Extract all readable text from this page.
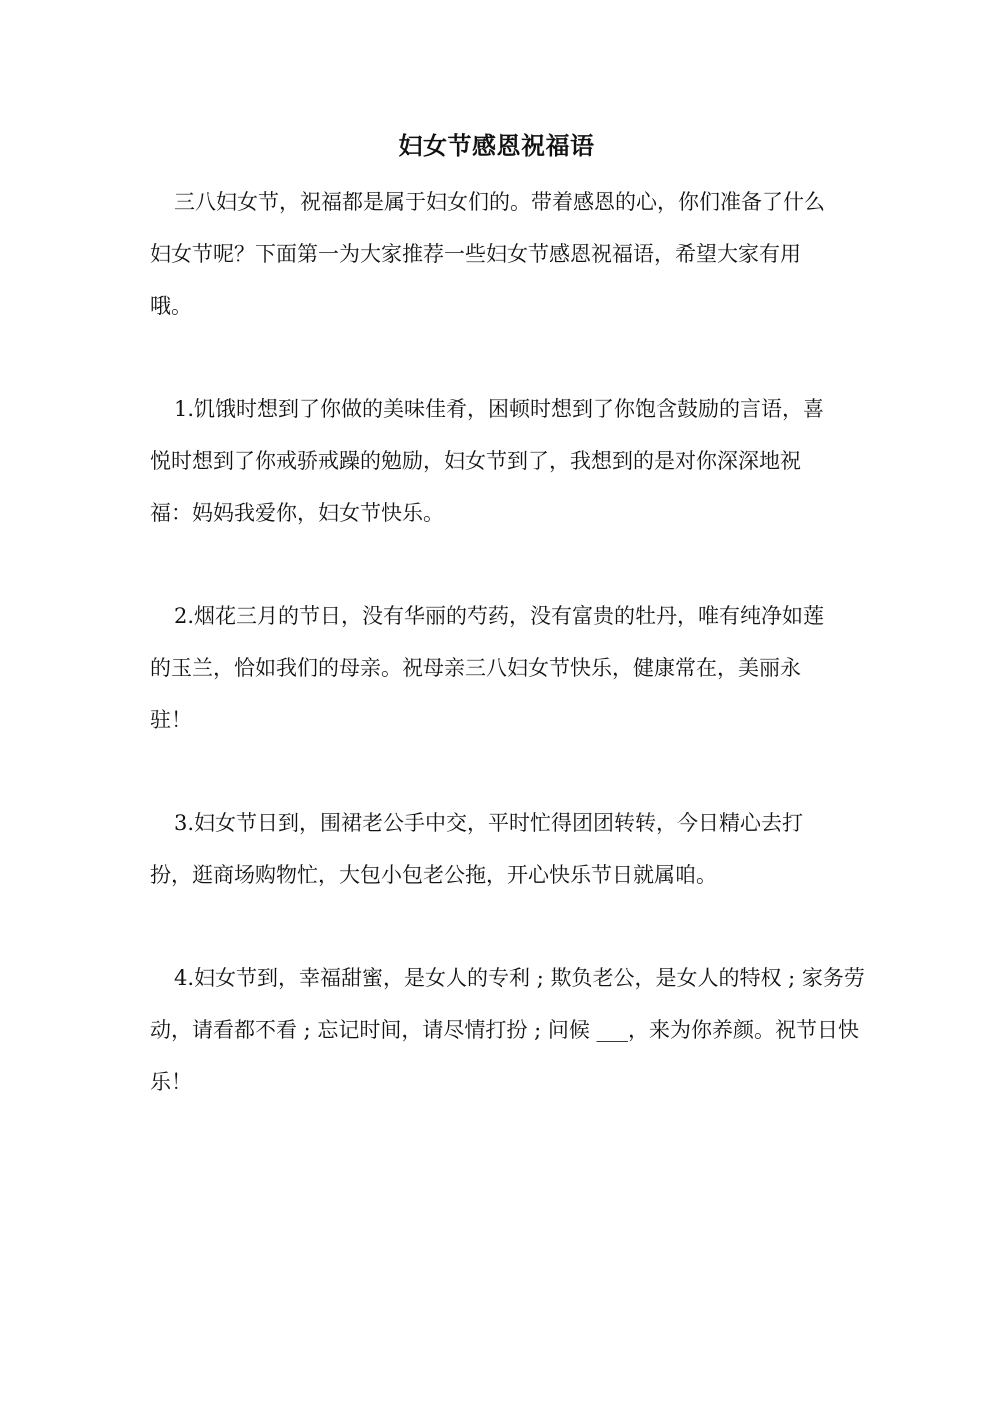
妇女节感恩祝福语
三八妇女节，祝福都是属于妇女们的。带着感恩的心，你们准备了什么妇女节呢？下面第一为大家推荐一些妇女节感恩祝福语，希望大家有用哦。
1.饥饿时想到了你做的美味佳肴，困顿时想到了你饱含鼓励的言语，喜悦时想到了你戒骄戒躁的勉励，妇女节到了，我想到的是对你深深地祝福：妈妈我爱你，妇女节快乐。
2.烟花三月的节日，没有华丽的芍药，没有富贵的牡丹，唯有纯净如莲的玉兰，恰如我们的母亲。祝母亲三八妇女节快乐，健康常在，美丽永驻！
3.妇女节日到，围裙老公手中交，平时忙得团团转转，今日精心去打扮，逛商场购物忙，大包小包老公拖，开心快乐节日就属咱。
4.妇女节到，幸福甜蜜，是女人的专利 ; 欺负老公，是女人的特权 ; 家务劳动，请看都不看 ; 忘记时间，请尽情打扮 ; 问候 ___，来为你养颜。祝节日快乐！
